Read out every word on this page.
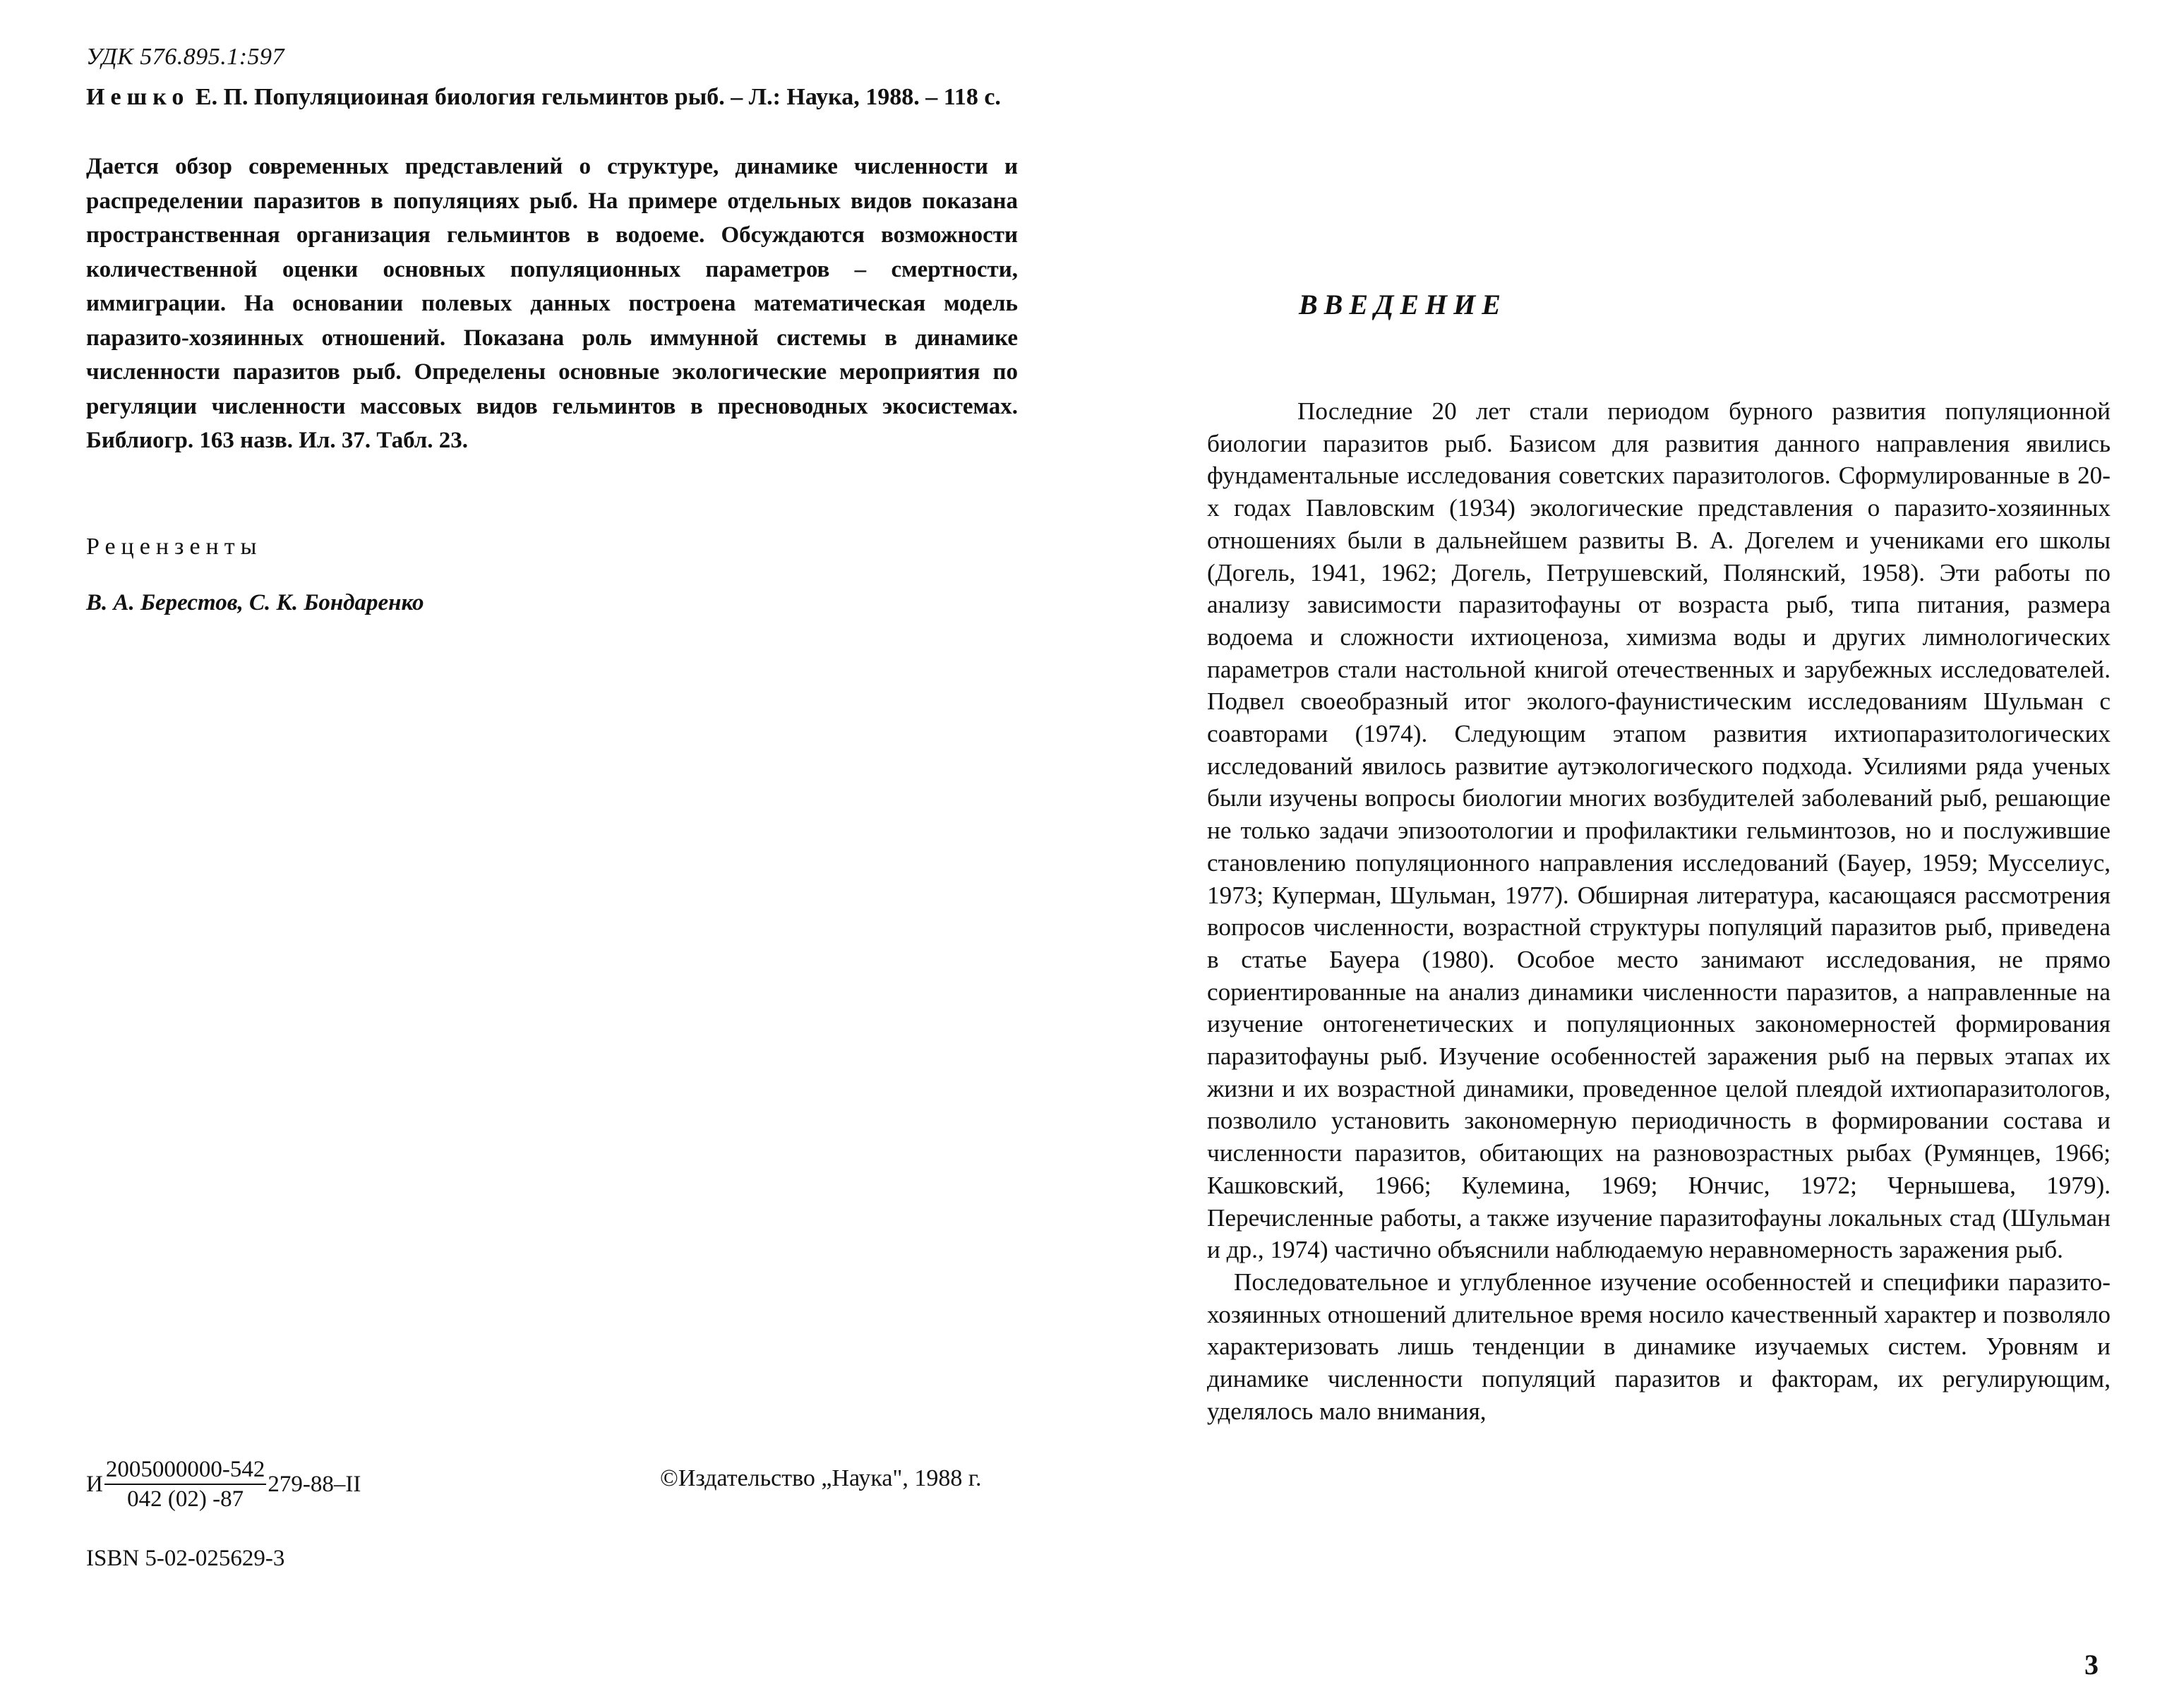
УДК 576.895.1:597

Иешко Е. П. Популяциоиная биология гельминтов рыб. – Л.: Наука, 1988. – 118 с.

Дается обзор современных представлений о структуре, динамике численности и распределении паразитов в популяциях рыб. На примере отдельных видов показана пространственная организация гельминтов в водоеме. Обсуждаются возможности количественной оценки основных популяционных параметров – смертности, иммиграции. На основании полевых данных построена математическая модель паразито-хозяинных отношений. Показана роль иммунной системы в динамике численности паразитов рыб. Определены основные экологические мероприятия по регуляции численности массовых видов гельминтов в пресноводных экосистемах. Библиогр. 163 назв. Ил. 37. Табл. 23.

Рецензенты
В. А. Берестов, С. К. Бондаренко
И $\frac{2005000000-542}{042 (02) -87} 279-88-II$	©Издательство „Наука", 1988 г.
ISBN 5-02-025629-3
ВВЕДЕНИЕ

Последние 20 лет стали периодом бурного развития популяционной биологии паразитов рыб. Базисом для развития данного направления явились фундаментальные исследования советских паразитологов. Сформулированные в 20-х годах Павловским (1934) экологические представления о паразито-хозяинных отношениях были в дальнейшем развиты В. А. Догелем и учениками его школы (Догель, 1941, 1962; Догель, Петрушевский, Полянский, 1958). Эти работы по анализу зависимости паразитофауны от возраста рыб, типа питания, размера водоема и сложности ихтиоценоза, химизма воды и других лимнологических параметров стали настольной книгой отечественных и зарубежных исследователей. Подвел своеобразный итог эколого-фаунистическим исследованиям Шульман с соавторами (1974). Следующим этапом развития ихтиопаразитологических исследований явилось развитие аутэкологического подхода. Усилиями ряда ученых были изучены вопросы биологии многих возбудителей заболеваний рыб, решающие не только задачи эпизоотологии и профилактики гельминтозов, но и послужившие становлению популяционного направления исследований (Бауер, 1959; Мусселиус, 1973; Куперман, Шульман, 1977). Обширная литература, касающаяся рассмотрения вопросов численности, возрастной структуры популяций паразитов рыб, приведена в статье Бауера (1980). Особое место занимают исследования, не прямо сориентированные на анализ динамики численности паразитов, а направленные на изучение онтогенетических и популяционных закономерностей формирования паразитофауны рыб. Изучение особенностей заражения рыб на первых этапах их жизни и их возрастной динамики, проведенное целой плеядой ихтиопаразитологов, позволило установить закономерную периодичность в формировании состава и численности паразитов, обитающих на разновозрастных рыбах (Румянцев, 1966; Кашковский, 1966; Кулемина, 1969; Юнчис, 1972; Чернышева, 1979). Перечисленные работы, а также изучение паразитофауны локальных стад (Шульман и др., 1974) частично объяснили наблюдаемую неравномерность заражения рыб.

Последовательное и углубленное изучение особенностей и специфики паразито-хозяинных отношений длительное время носило качественный характер и позволяло характеризовать лишь тенденции в динамике изучаемых систем. Уровням и динамике численности популяций паразитов и факторам, их регулирующим, уделялось мало внимания,

3
